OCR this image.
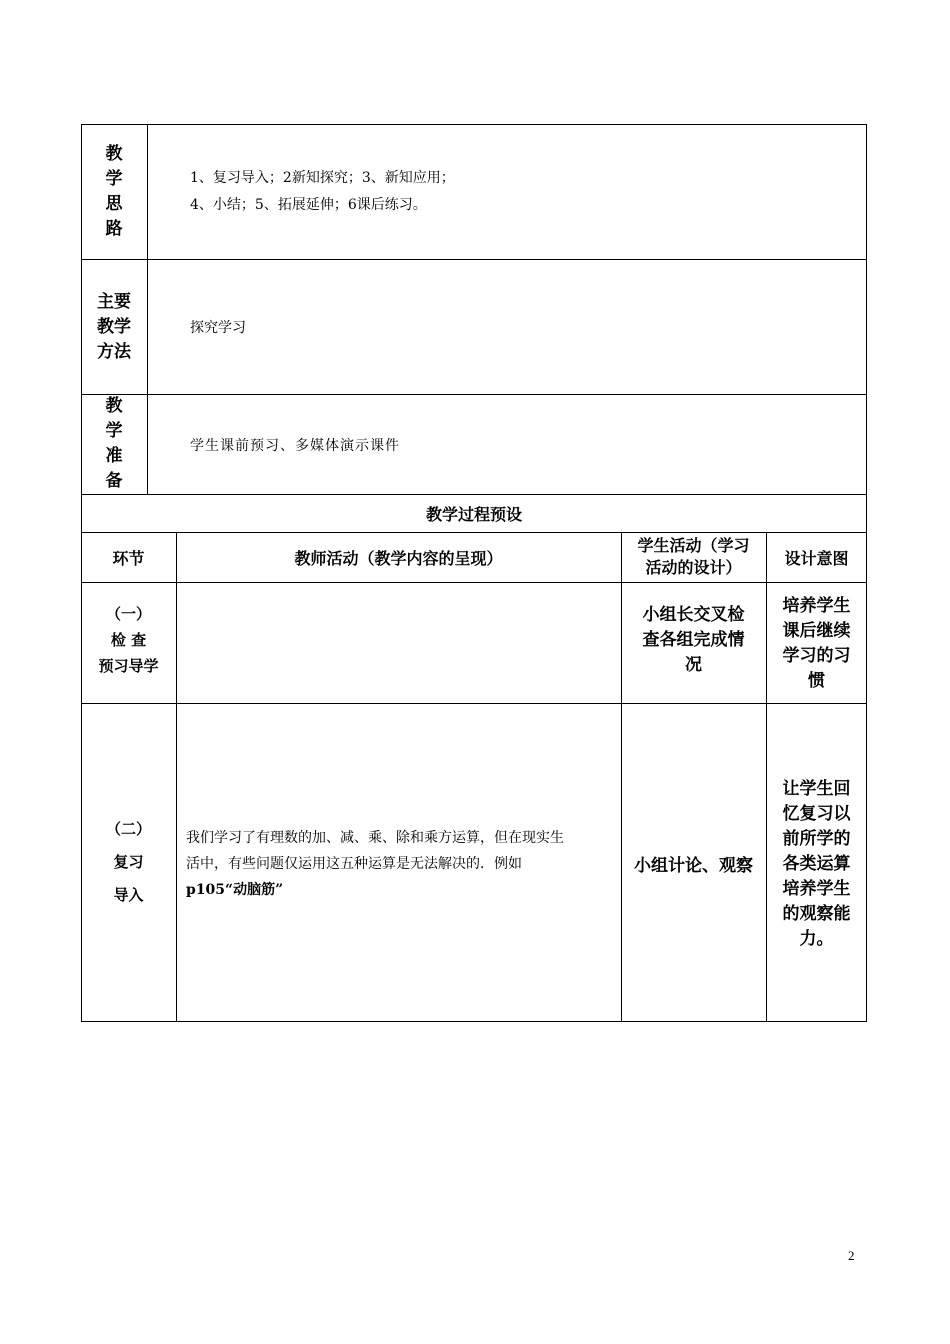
教
学
思
路
1、复习导入；2新知探究；3、新知应用；
4、小结；5、拓展延伸；6课后练习。
主要
教学
方法
探究学习
教
学
准
备
学生课前预习、多媒体演示课件
教学过程预设
环节	教师活动（教学内容的呈现）
学生活动（学习
活动的设计）	设计意图
（一）
检 查
预习导学
小组长交叉检
查各组完成情
况
培养学生
课后继续
学习的习
惯
（二）
复习
导入
我们学习了有理数的加、减、乘、除和乘方运算，但在现实生
活中，有些问题仅运用这五种运算是无法解决的．例如
p105“动脑筋”
小组计论、观察
让学生回
忆复习以
前所学的
各类运算
培养学生
的观察能
力。
2
